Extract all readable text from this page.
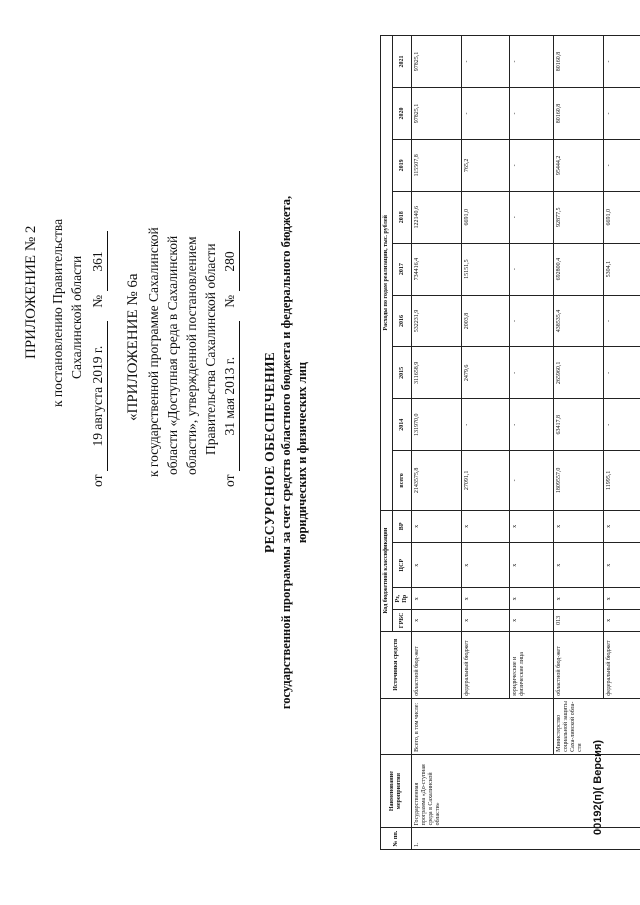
ПРИЛОЖЕНИЕ № 2 к постановлению Правительства Сахалинской области
от 19 августа 2019 г. № 361
«ПРИЛОЖЕНИЕ № 6а к государственной программе Сахалинской области «Доступная среда в Сахалинской области», утвержденной постановлением Правительства Сахалинской области
от 31 мая 2013 г. № 280
РЕСУРСНОЕ ОБЕСПЕЧЕНИЕ государственной программы за счет средств областного бюджета и федерального бюджета, юридических и физических лиц
№ пп.	Наименование мероприятия		Источники средств	Код бюджетной классификации				Расходы по годам реализации, тыс. рублей								
				ГРБС	Рз, Пр	ЦСР	ВР	всего	2014	2015	2016	2017	2018	2019	2020	2021
1.	Государственная программа «До-ступная среда в Сахалинской области»	Всего, в том числе:	областной бюд-жет	x	x	x	x	2143575,8	131970,0	311658,9	532231,9	734416,4	122140,6	115507,8	97825,1	97825,1
			федеральный бюджет	x	x	x	x	27091,1	-	2479,6	2003,8	15151,5	6691,0	765,2	-	-
			юридические и физические лица	x	x	x	x	-	-	-	-	-	-	-	-	-
		Министерство социальной защиты Саха-линской обла-сти	областной бюд-жет	013	x	x	x	1809557,0	63417,8	265960,1	438535,4	692800,4	92877,5	95444,2	80160,8	80160,8
			федеральный бюджет	x	x	x	x	11995,1	-	-	-	5304,1	6691,0	-	-	-
00192(п)( Версия)
